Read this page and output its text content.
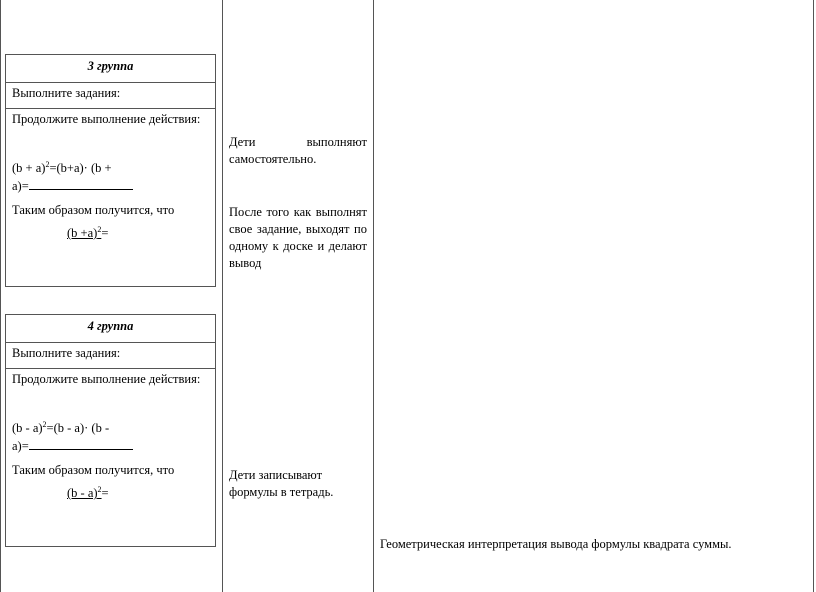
3 группа
Выполните задания:
Продолжите выполнение действия:
$(b + a)^2=(b+a)\cdot (b$ +
a)=
Таким образом получится, что
$(b +a)^2=$
4 группа
Выполните задания:
Продолжите выполнение действия:
(b - a)$^2$=(b - a)· (b -
a)=
Таким образом получится, что
(b - a)$^2$=
Дети выполняют самостоятельно.
После того как выполнят свое задание, выходят по одному к доске и делают вывод
Дети записывают формулы в тетрадь.
Геометрическая интерпретация вывода формулы квадрата суммы.
